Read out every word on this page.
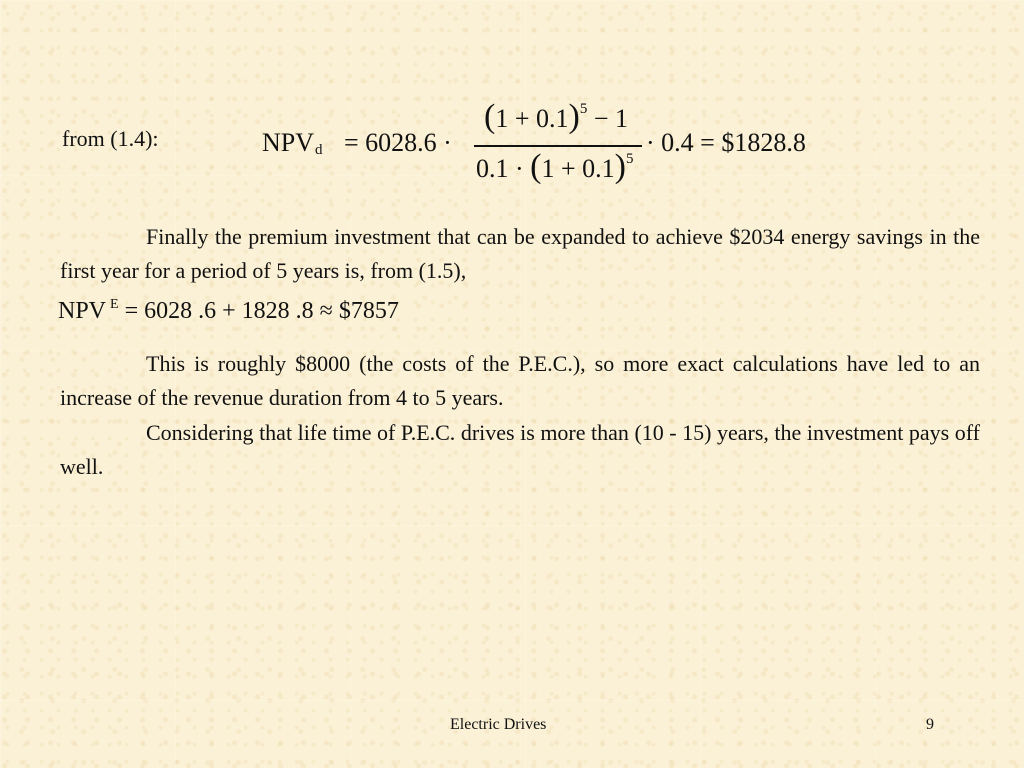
from (1.4):	$NPV_d = 6028.6$ ·
$(1 + 0.1)^5 - 1$
$0.1 \cdot (1 + 0.1)^5$
· 0.4 = $1828.8
Finally the premium investment that can be expanded to achieve $2034 energy savings in the first year for a period of 5 years is, from (1.5),
NPV $^E$ = 6028 .6 + 1828 .8 ≈ $7857
This is roughly $8000 (the costs of the P.E.C.), so more exact calculations have led to an increase of the revenue duration from 4 to 5 years.
Considering that life time of P.E.C. drives is more than (10 - 15) years, the investment pays off well.
Electric Drives	9
